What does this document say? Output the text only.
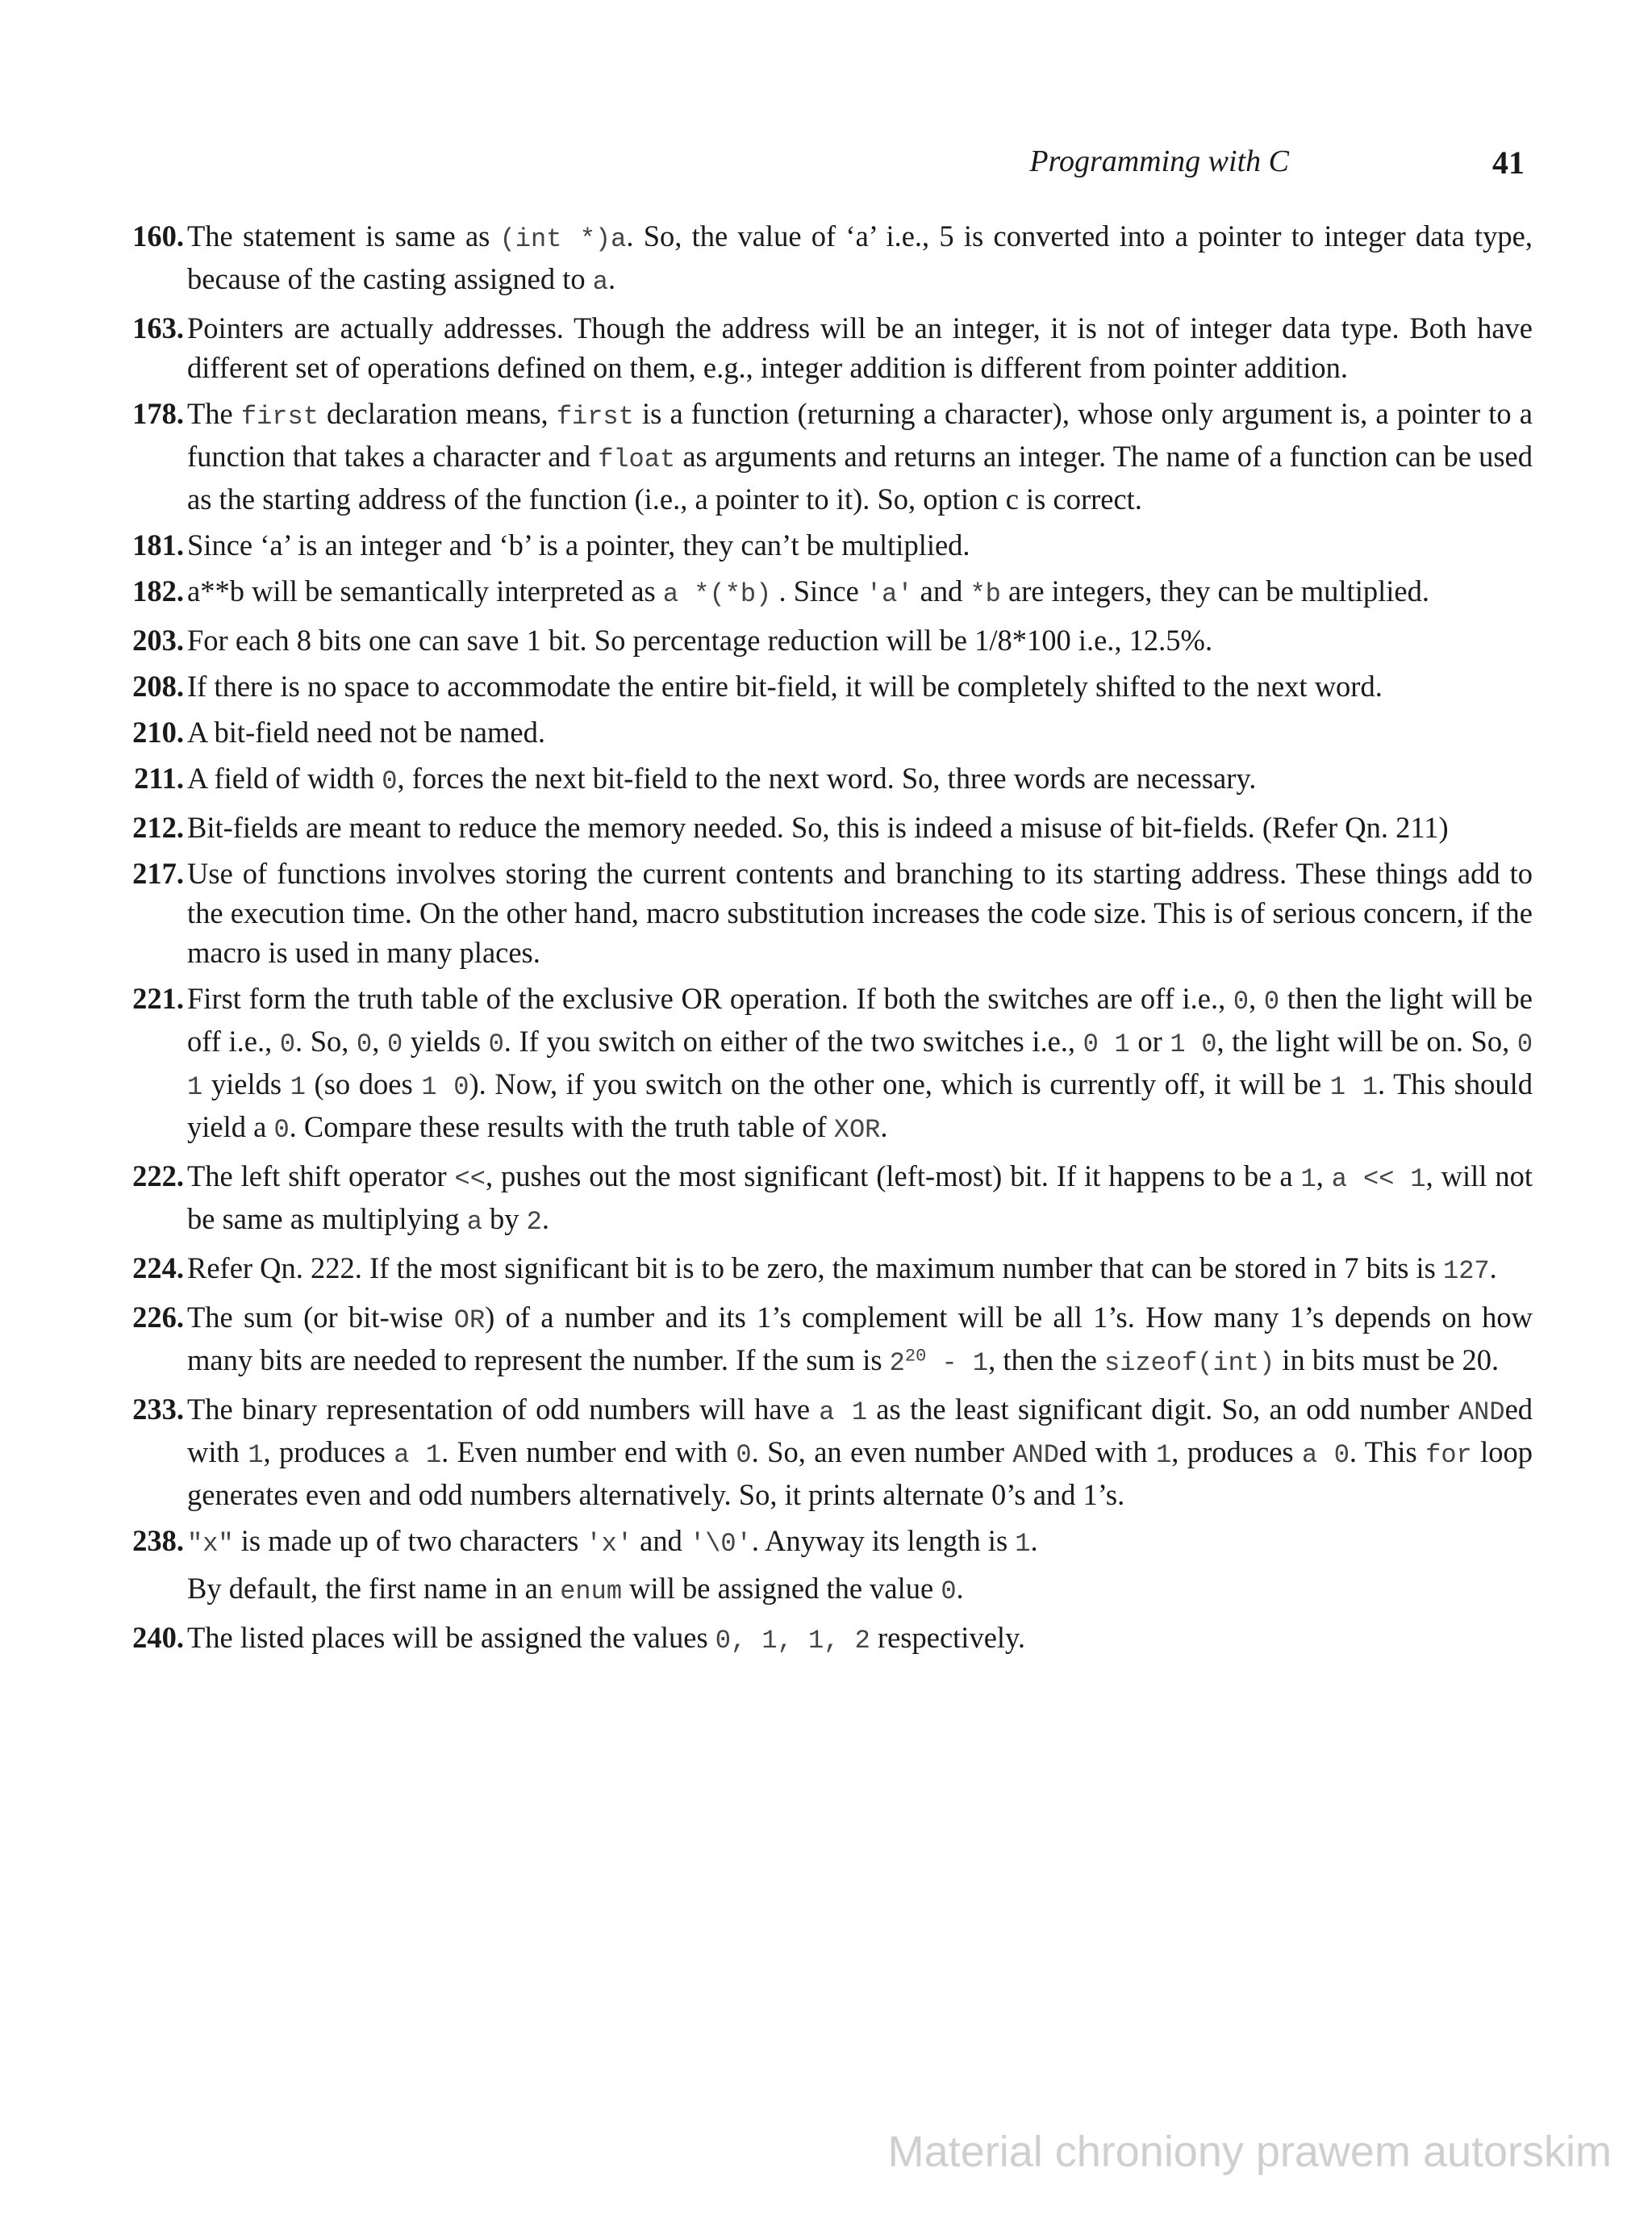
Programming with C	41
160. The statement is same as (int *)a. So, the value of ‘a’ i.e., 5 is converted into a pointer to integer data type, because of the casting assigned to a.
163. Pointers are actually addresses. Though the address will be an integer, it is not of integer data type. Both have different set of operations defined on them, e.g., integer addition is different from pointer addition.
178. The first declaration means, first is a function (returning a character), whose only argument is, a pointer to a function that takes a character and float as arguments and returns an integer. The name of a function can be used as the starting address of the function (i.e., a pointer to it). So, option c is correct.
181. Since ‘a’ is an integer and ‘b’ is a pointer, they can’t be multiplied.
182. a**b will be semantically interpreted as a *(*b) . Since 'a' and *b are integers, they can be multiplied.
203. For each 8 bits one can save 1 bit. So percentage reduction will be 1/8*100 i.e., 12.5%.
208. If there is no space to accommodate the entire bit-field, it will be completely shifted to the next word.
210. A bit-field need not be named.
211. A field of width 0, forces the next bit-field to the next word. So, three words are necessary.
212. Bit-fields are meant to reduce the memory needed. So, this is indeed a misuse of bit-fields. (Refer Qn. 211)
217. Use of functions involves storing the current contents and branching to its starting address. These things add to the execution time. On the other hand, macro substitution increases the code size. This is of serious concern, if the macro is used in many places.
221. First form the truth table of the exclusive OR operation. If both the switches are off i.e., 0, 0 then the light will be off i.e., 0. So, 0, 0 yields 0. If you switch on either of the two switches i.e., 0 1 or 1 0, the light will be on. So, 0 1 yields 1 (so does 1 0). Now, if you switch on the other one, which is currently off, it will be 1 1. This should yield a 0. Compare these results with the truth table of XOR.
222. The left shift operator <<, pushes out the most significant (left-most) bit. If it happens to be a 1, a << 1, will not be same as multiplying a by 2.
224. Refer Qn. 222. If the most significant bit is to be zero, the maximum number that can be stored in 7 bits is 127.
226. The sum (or bit-wise OR) of a number and its 1’s complement will be all 1’s. How many 1’s depends on how many bits are needed to represent the number. If the sum is $2^{20} - 1$, then the sizeof(int) in bits must be 20.
233. The binary representation of odd numbers will have a 1 as the least significant digit. So, an odd number ANDed with 1, produces a 1. Even number end with 0. So, an even number ANDed with 1, produces a 0. This for loop generates even and odd numbers alternatively. So, it prints alternate 0’s and 1’s.
238. "x" is made up of two characters 'x' and '\0'. Anyway its length is 1.
By default, the first name in an enum will be assigned the value 0.
240. The listed places will be assigned the values 0, 1, 1, 2 respectively.
Material chroniony prawem autorskim
